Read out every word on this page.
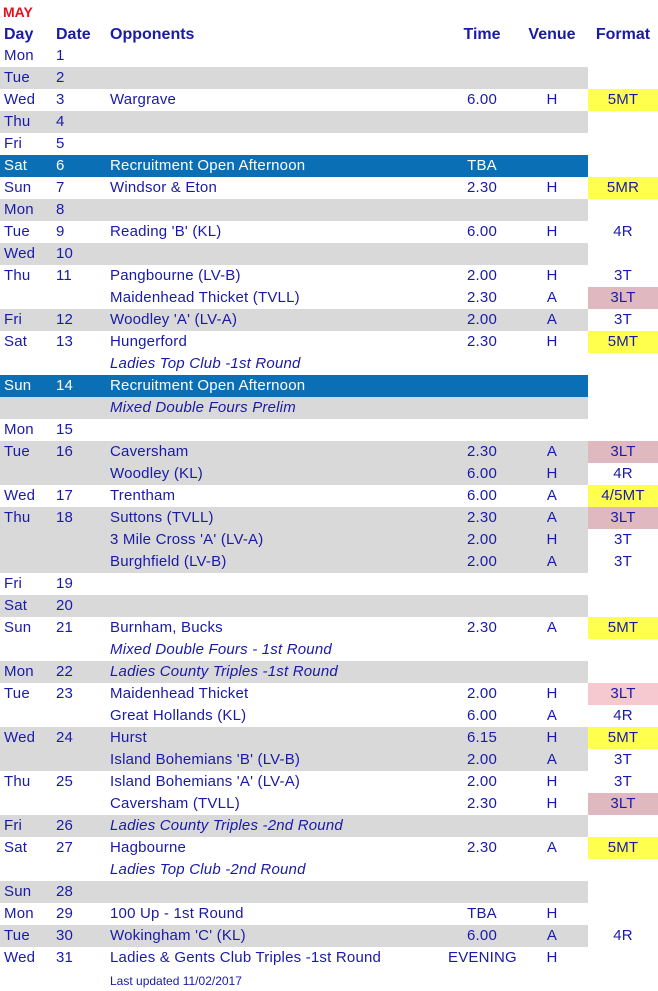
MAY
Day Date Opponents	Time	Venue	Format
Mon 1
Tue 2
Wed 3	Wargrave	6.00	H	5MT
Thu 4
Fri 5
Sat 6	Recruitment Open Afternoon	TBA
Sun 7	Windsor & Eton	2.30	H	5MR
Mon 8
Tue 9	Reading 'B' (KL)	6.00	H	4R
Wed 10
Thu 11	Pangbourne (LV-B)	2.00	H	3T
Maidenhead Thicket (TVLL)	2.30	A	3LT
Fri 12 Woodley 'A' (LV-A)	2.00	A	3T
Sat 13 Hungerford	2.30	H	5MT
Ladies Top Club -1st Round
Sun 14 Recruitment Open Afternoon
Mixed Double Fours Prelim
Mon 15
Tue 16 Caversham	2.30	A	3LT
Woodley (KL)	6.00	H	4R
Wed 17 Trentham	6.00	A	4/5MT
Thu 18 Suttons (TVLL)	2.30	A	3LT
3 Mile Cross 'A' (LV-A)	2.00	H	3T
Burghfield (LV-B)	2.00	A	3T
Fri 19
Sat 20
Sun 21 Burnham, Bucks	2.30	A	5MT
Mixed Double Fours - 1st Round
Mon 22 Ladies County Triples -1st Round
Tue 23 Maidenhead Thicket	2.00	H	3LT
Great Hollands (KL)	6.00	A	4R
Wed 24 Hurst	6.15	H	5MT
Island Bohemians 'B' (LV-B)	2.00	A	3T
Thu 25 Island Bohemians 'A' (LV-A)	2.00	H	3T
Caversham (TVLL)	2.30	H	3LT
Fri 26 Ladies County Triples -2nd Round
Sat 27 Hagbourne	2.30	A	5MT
Ladies Top Club -2nd Round
Sun 28
Mon 29 100 Up - 1st Round	TBA	H
Tue 30 Wokingham 'C' (KL)	6.00	A	4R
Wed 31 Ladies & Gents Club Triples -1st Round	EVENING	H
Last updated 11/02/2017
